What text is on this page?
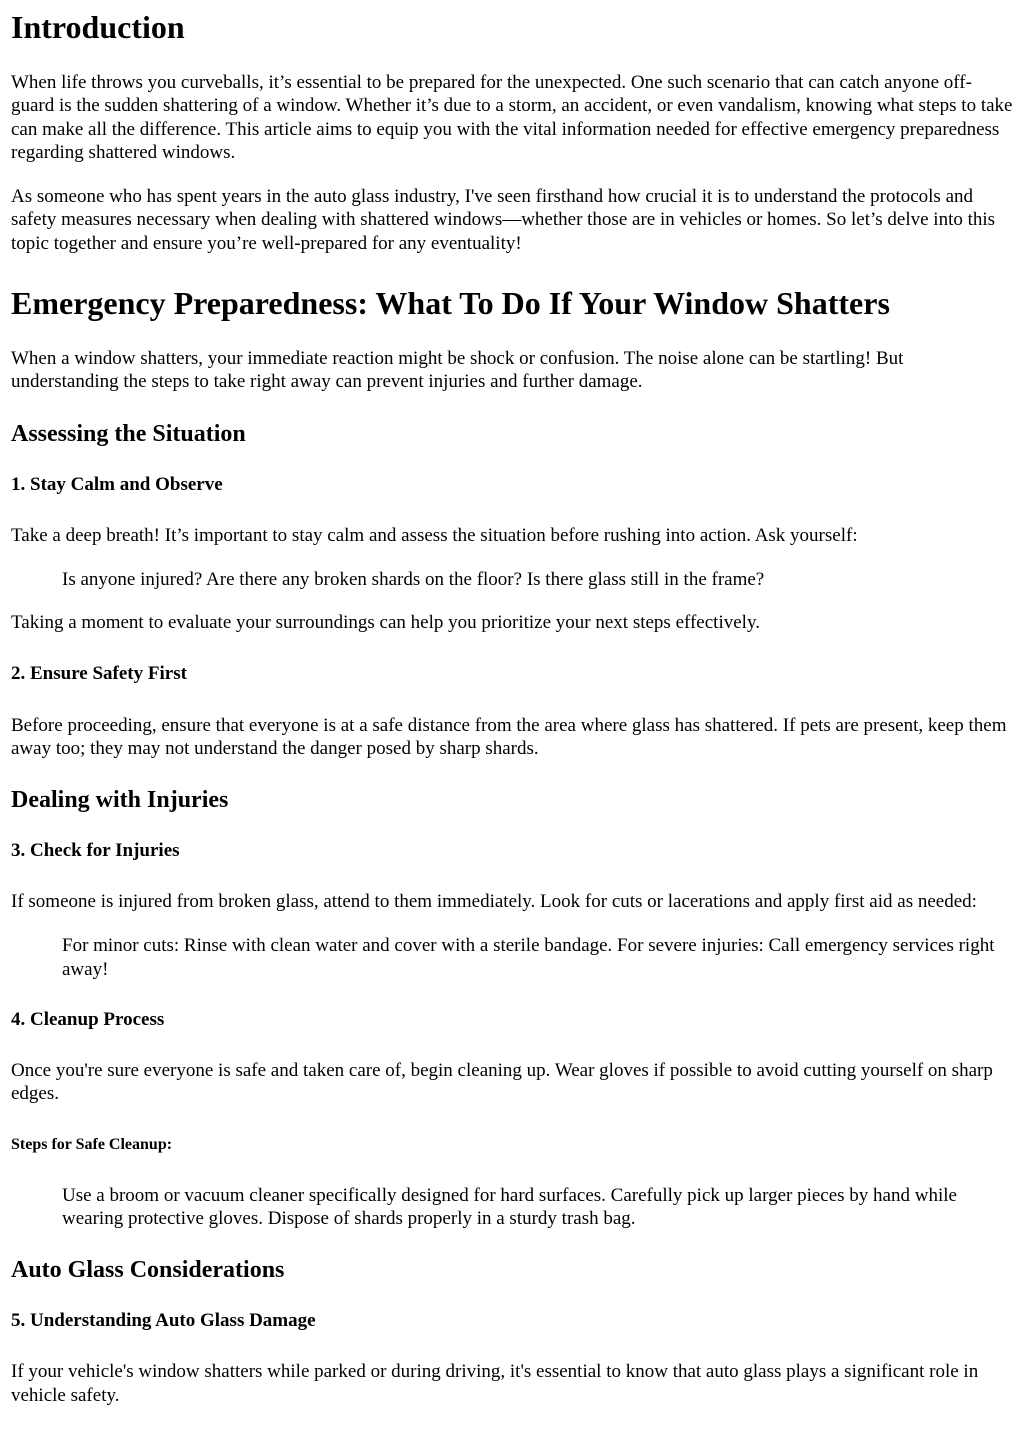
Introduction

When life throws you curveballs, it’s essential to be prepared for the unexpected. One such scenario that can catch anyone off-guard is the sudden shattering of a window. Whether it’s due to a storm, an accident, or even vandalism, knowing what steps to take can make all the difference. This article aims to equip you with the vital information needed for effective emergency preparedness regarding shattered windows.

As someone who has spent years in the auto glass industry, I've seen firsthand how crucial it is to understand the protocols and safety measures necessary when dealing with shattered windows—whether those are in vehicles or homes. So let’s delve into this topic together and ensure you’re well-prepared for any eventuality!

Emergency Preparedness: What To Do If Your Window Shatters

When a window shatters, your immediate reaction might be shock or confusion. The noise alone can be startling! But understanding the steps to take right away can prevent injuries and further damage.

Assessing the Situation
1. Stay Calm and Observe

Take a deep breath! It’s important to stay calm and assess the situation before rushing into action. Ask yourself:

Is anyone injured? Are there any broken shards on the floor? Is there glass still in the frame?

Taking a moment to evaluate your surroundings can help you prioritize your next steps effectively.

2. Ensure Safety First

Before proceeding, ensure that everyone is at a safe distance from the area where glass has shattered. If pets are present, keep them away too; they may not understand the danger posed by sharp shards.

Dealing with Injuries
3. Check for Injuries

If someone is injured from broken glass, attend to them immediately. Look for cuts or lacerations and apply first aid as needed:

For minor cuts: Rinse with clean water and cover with a sterile bandage. For severe injuries: Call emergency services right away!

4. Cleanup Process

Once you're sure everyone is safe and taken care of, begin cleaning up. Wear gloves if possible to avoid cutting yourself on sharp edges.

Steps for Safe Cleanup:

Use a broom or vacuum cleaner specifically designed for hard surfaces. Carefully pick up larger pieces by hand while wearing protective gloves. Dispose of shards properly in a sturdy trash bag.

Auto Glass Considerations
5. Understanding Auto Glass Damage

If your vehicle's window shatters while parked or during driving, it's essential to know that auto glass plays a significant role in vehicle safety.
